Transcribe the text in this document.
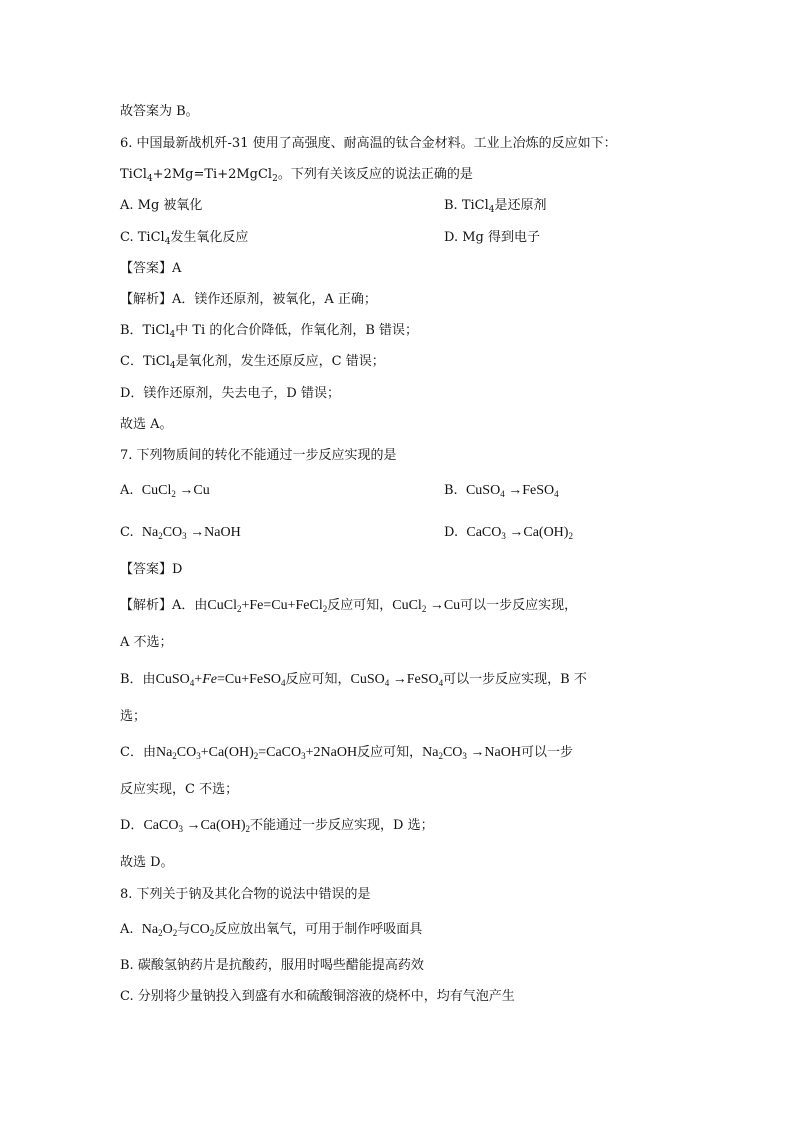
故答案为 B。
6. 中国最新战机歼-31 使用了高强度、耐高温的钛合金材料。工业上冶炼的反应如下：
TiCl$_4$+2Mg=Ti+2MgCl$_2$。下列有关该反应的说法正确的是
A. Mg 被氧化	B. TiCl$_4$是还原剂
C. TiCl$_4$发生氧化反应	D. Mg 得到电子
【答案】A
【解析】A．镁作还原剂，被氧化，A 正确；
B．TiCl$_4$中 Ti 的化合价降低，作氧化剂，B 错误；
C．TiCl$_4$是氧化剂，发生还原反应，C 错误；
D．镁作还原剂，失去电子，D 错误；
故选 A。
7. 下列物质间的转化不能通过一步反应实现的是
A. CuCl$_2$ →Cu	B. CuSO$_4$ →FeSO$_4$
C. $Na_2CO_3$ →NaOH	D. CaCO$_3$ $\to Ca(OH)_2$
【答案】D
【解析】A．由CuCl$_2$+Fe=Cu+FeCl$_2$反应可知，CuCl$_2$ →Cu可以一步反应实现，
A 不选；
B．由CuSO$_4$+Fe=Cu+FeSO$_4$反应可知，CuSO$_4$ →FeSO$_4$可以一步反应实现，B 不
选；
C．由$Na_2CO_3+Ca(OH)_2=CaCO_3+2NaOH$反应可知，$Na_2CO_3$ →NaOH可以一步
反应实现，C 不选；
D．CaCO$_3$ $\to Ca(OH)_2$不能通过一步反应实现，D 选；
故选 D。
8. 下列关于钠及其化合物的说法中错误的是
A. $Na_2O_2$与$CO_2$反应放出氧气，可用于制作呼吸面具
B. 碳酸氢钠药片是抗酸药，服用时喝些醋能提高药效
C. 分别将少量钠投入到盛有水和硫酸铜溶液的烧杯中，均有气泡产生
